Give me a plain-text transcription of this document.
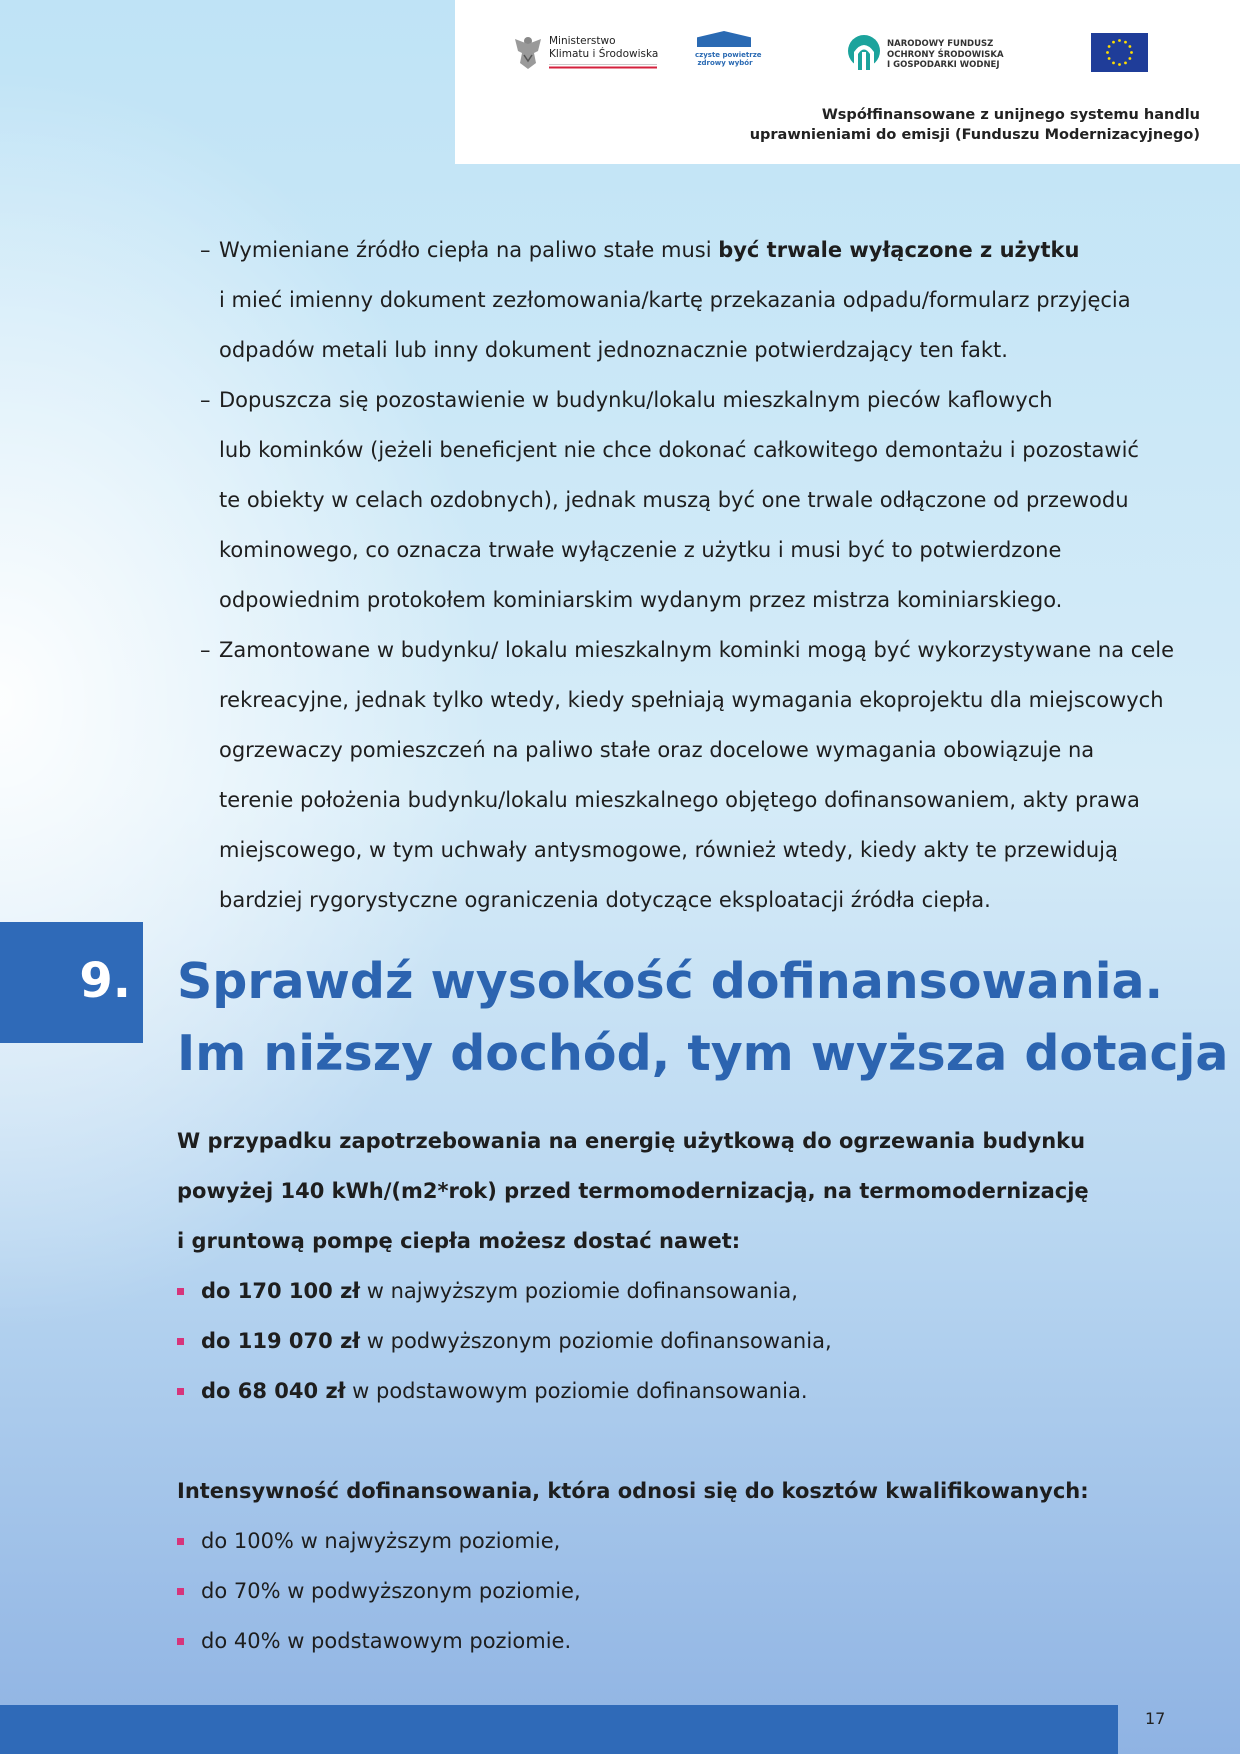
Ministerstwo
Klimatu i Środowiska	czyste powietrze
zdrowy wybór
NARODOWY FUNDUSZ
OCHRONY ŚRODOWISKA
I GOSPODARKI WODNEJ
Współfinansowane z unijnego systemu handlu
uprawnieniami do emisji (Funduszu Modernizacyjnego)
– Wymieniane źródło ciepła na paliwo stałe musi być trwale wyłączone z użytku
i mieć imienny dokument zezłomowania/kartę przekazania odpadu/formularz przyjęcia
odpadów metali lub inny dokument jednoznacznie potwierdzający ten fakt.
– Dopuszcza się pozostawienie w budynku/lokalu mieszkalnym pieców kaflowych
lub kominków (jeżeli beneficjent nie chce dokonać całkowitego demontażu i pozostawić
te obiekty w celach ozdobnych), jednak muszą być one trwale odłączone od przewodu
kominowego, co oznacza trwałe wyłączenie z użytku i musi być to potwierdzone
odpowiednim protokołem kominiarskim wydanym przez mistrza kominiarskiego.
– Zamontowane w budynku/ lokalu mieszkalnym kominki mogą być wykorzystywane na cele
rekreacyjne, jednak tylko wtedy, kiedy spełniają wymagania ekoprojektu dla miejscowych
ogrzewaczy pomieszczeń na paliwo stałe oraz docelowe wymagania obowiązuje na
terenie położenia budynku/lokalu mieszkalnego objętego dofinansowaniem, akty prawa
miejscowego, w tym uchwały antysmogowe, również wtedy, kiedy akty te przewidują
bardziej rygorystyczne ograniczenia dotyczące eksploatacji źródła ciepła.
9. Sprawdź wysokość dofinansowania.
Im niższy dochód, tym wyższa dotacja
W przypadku zapotrzebowania na energię użytkową do ogrzewania budynku
powyżej 140 kWh/(m2*rok) przed termomodernizacją, na termomodernizację
i gruntową pompę ciepła możesz dostać nawet:
do 170 100 zł w najwyższym poziomie dofinansowania,
do 119 070 zł w podwyższonym poziomie dofinansowania,
do 68 040 zł w podstawowym poziomie dofinansowania.
Intensywność dofinansowania, która odnosi się do kosztów kwalifikowanych:
do 100% w najwyższym poziomie,
do 70% w podwyższonym poziomie,
do 40% w podstawowym poziomie.
17
